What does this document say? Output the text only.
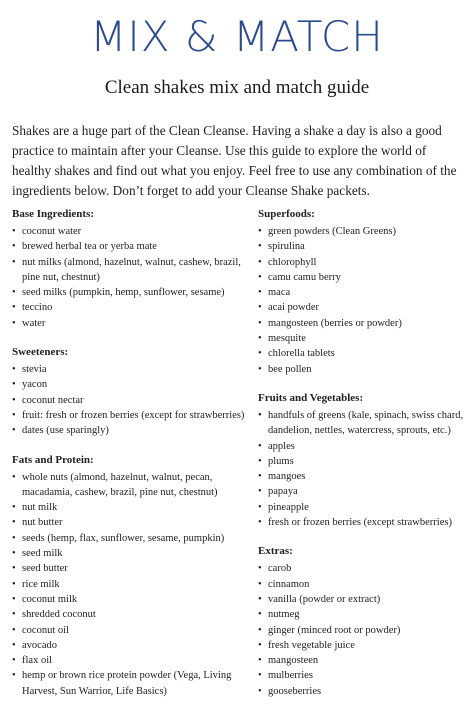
MIX & MATCH
Clean shakes mix and match guide

Shakes are a huge part of the Clean Cleanse. Having a shake a day is also a good practice to maintain after your Cleanse. Use this guide to explore the world of healthy shakes and find out what you enjoy. Feel free to use any combination of the ingredients below. Don’t forget to add your Cleanse Shake packets.

Base Ingredients:
• coconut water
• brewed herbal tea or yerba mate
• nut milks (almond, hazelnut, walnut, cashew, brazil, pine nut, chestnut)
• seed milks (pumpkin, hemp, sunflower, sesame)
• teccino
• water
Sweeteners:
• stevia
• yacon
• coconut nectar
• fruit: fresh or frozen berries (except for strawberries)
• dates (use sparingly)
Fats and Protein:
• whole nuts (almond, hazelnut, walnut, pecan, macadamia, cashew, brazil, pine nut, chestnut)
• nut milk
• nut butter
• seeds (hemp, flax, sunflower, sesame, pumpkin)
• seed milk
• seed butter
• rice milk
• coconut milk
• shredded coconut
• coconut oil
• avocado
• flax oil
• hemp or brown rice protein powder (Vega, Living Harvest, Sun Warrior, Life Basics)
Superfoods:
• green powders (Clean Greens)
• spirulina
• chlorophyll
• camu camu berry
• maca
• acai powder
• mangosteen (berries or powder)
• mesquite
• chlorella tablets
• bee pollen
Fruits and Vegetables:
• handfuls of greens (kale, spinach, swiss chard, dandelion, nettles, watercress, sprouts, etc.)
• apples
• plums
• mangoes
• papaya
• pineapple
• fresh or frozen berries (except strawberries)
Extras:
• carob
• cinnamon
• vanilla (powder or extract)
• nutmeg
• ginger (minced root or powder)
• fresh vegetable juice
• mangosteen
• mulberries
• gooseberries
